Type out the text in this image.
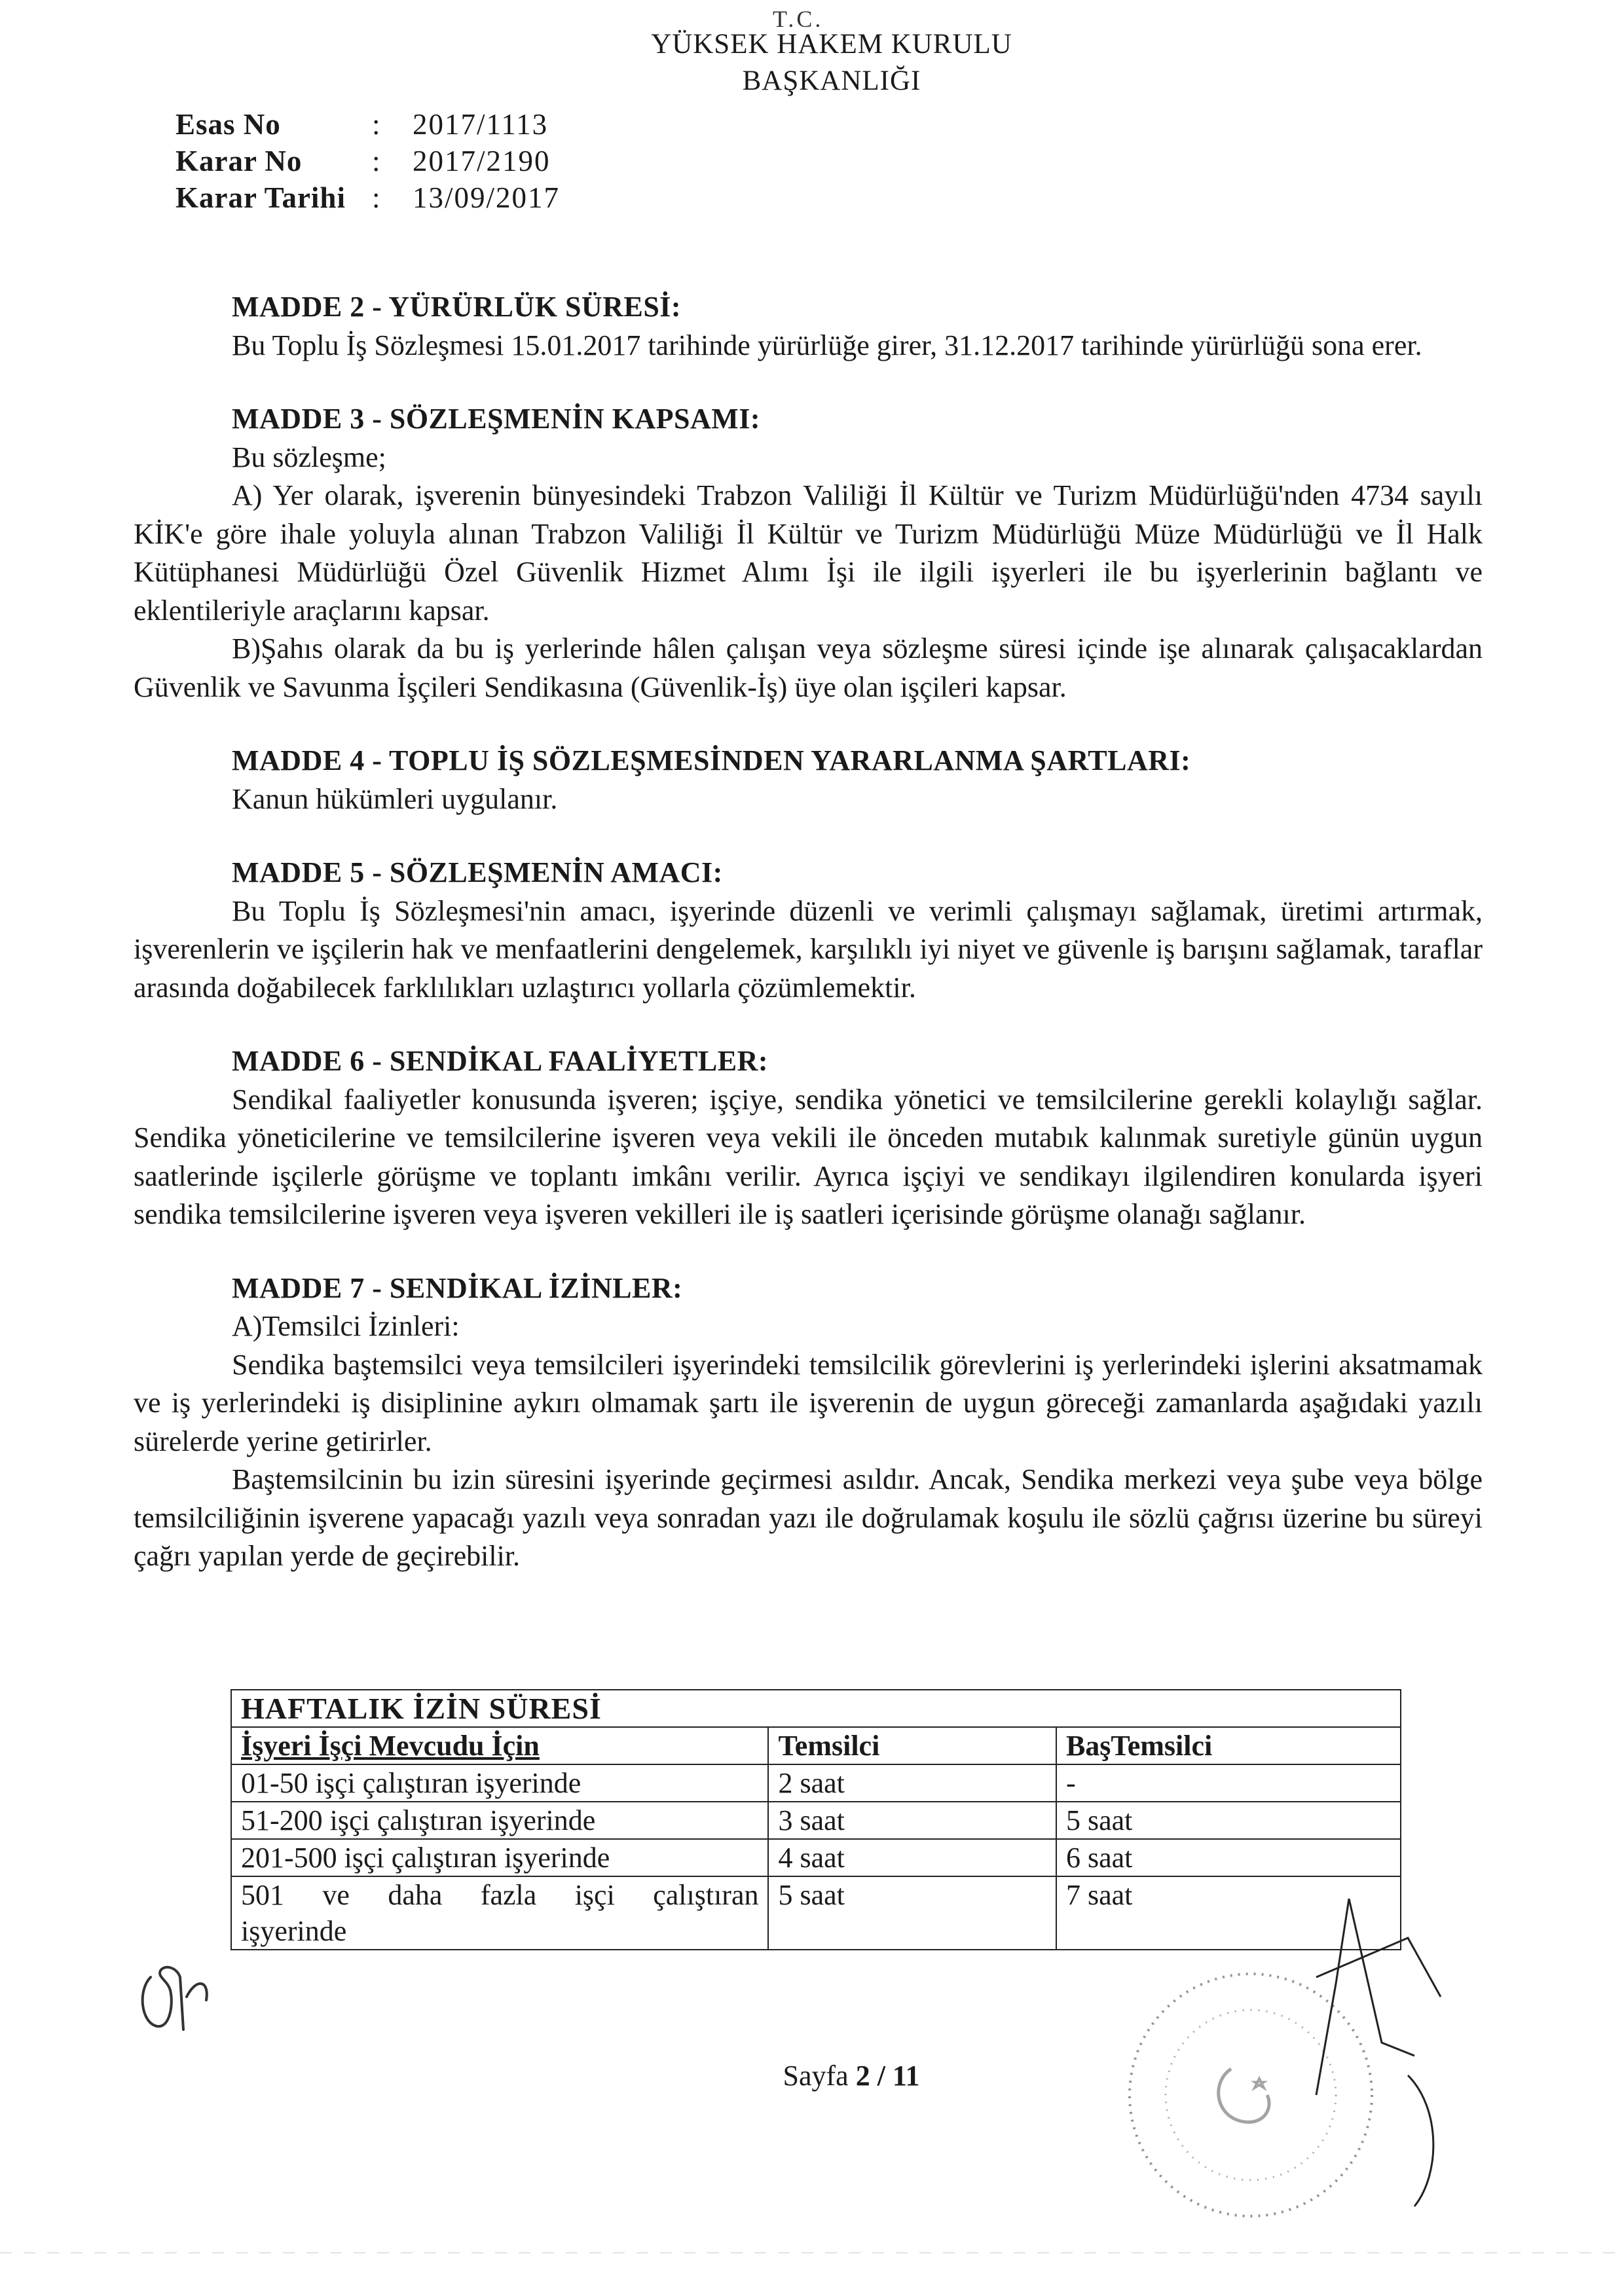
T.C.
YÜKSEK HAKEM KURULU
BAŞKANLIĞI
Esas No	:	2017/1113
Karar No	:	2017/2190
Karar Tarihi :	13/09/2017
MADDE 2 - YÜRÜRLÜK SÜRESİ:

Bu Toplu İş Sözleşmesi 15.01.2017 tarihinde yürürlüğe girer, 31.12.2017 tarihinde yürürlüğü sona erer.

MADDE 3 - SÖZLEŞMENİN KAPSAMI:

Bu sözleşme;

A) Yer olarak, işverenin bünyesindeki Trabzon Valiliği İl Kültür ve Turizm Müdürlüğü'nden 4734 sayılı KİK'e göre ihale yoluyla alınan Trabzon Valiliği İl Kültür ve Turizm Müdürlüğü Müze Müdürlüğü ve İl Halk Kütüphanesi Müdürlüğü Özel Güvenlik Hizmet Alımı İşi ile ilgili işyerleri ile bu işyerlerinin bağlantı ve eklentileriyle araçlarını kapsar.

B)Şahıs olarak da bu iş yerlerinde hâlen çalışan veya sözleşme süresi içinde işe alınarak çalışacaklardan Güvenlik ve Savunma İşçileri Sendikasına (Güvenlik-İş) üye olan işçileri kapsar.

MADDE 4 - TOPLU İŞ SÖZLEŞMESİNDEN YARARLANMA ŞARTLARI:

Kanun hükümleri uygulanır.

MADDE 5 - SÖZLEŞMENİN AMACI:

Bu Toplu İş Sözleşmesi'nin amacı, işyerinde düzenli ve verimli çalışmayı sağlamak, üretimi artırmak, işverenlerin ve işçilerin hak ve menfaatlerini dengelemek, karşılıklı iyi niyet ve güvenle iş barışını sağlamak, taraflar arasında doğabilecek farklılıkları uzlaştırıcı yollarla çözümlemektir.

MADDE 6 - SENDİKAL FAALİYETLER:

Sendikal faaliyetler konusunda işveren; işçiye, sendika yönetici ve temsilcilerine gerekli kolaylığı sağlar. Sendika yöneticilerine ve temsilcilerine işveren veya vekili ile önceden mutabık kalınmak suretiyle günün uygun saatlerinde işçilerle görüşme ve toplantı imkânı verilir. Ayrıca işçiyi ve sendikayı ilgilendiren konularda işyeri sendika temsilcilerine işveren veya işveren vekilleri ile iş saatleri içerisinde görüşme olanağı sağlanır.

MADDE 7 - SENDİKAL İZİNLER:

A)Temsilci İzinleri:

Sendika baştemsilci veya temsilcileri işyerindeki temsilcilik görevlerini iş yerlerindeki işlerini aksatmamak ve iş yerlerindeki iş disiplinine aykırı olmamak şartı ile işverenin de uygun göreceği zamanlarda aşağıdaki yazılı sürelerde yerine getirirler.

Baştemsilcinin bu izin süresini işyerinde geçirmesi asıldır. Ancak, Sendika merkezi veya şube veya bölge temsilciliğinin işverene yapacağı yazılı veya sonradan yazı ile doğrulamak koşulu ile sözlü çağrısı üzerine bu süreyi çağrı yapılan yerde de geçirebilir.

HAFTALIK İZİN SÜRESİ		
İşyeri İşçi Mevcudu İçin	Temsilci	BaşTemsilci
01-50 işçi çalıştıran işyerinde	2 saat	-
51-200 işçi çalıştıran işyerinde	3 saat	5 saat
201-500 işçi çalıştıran işyerinde	4 saat	6 saat

501 ve daha fazla işçi çalıştıran
işyerinde	5 saat	7 saat
Sayfa 2 / 11
